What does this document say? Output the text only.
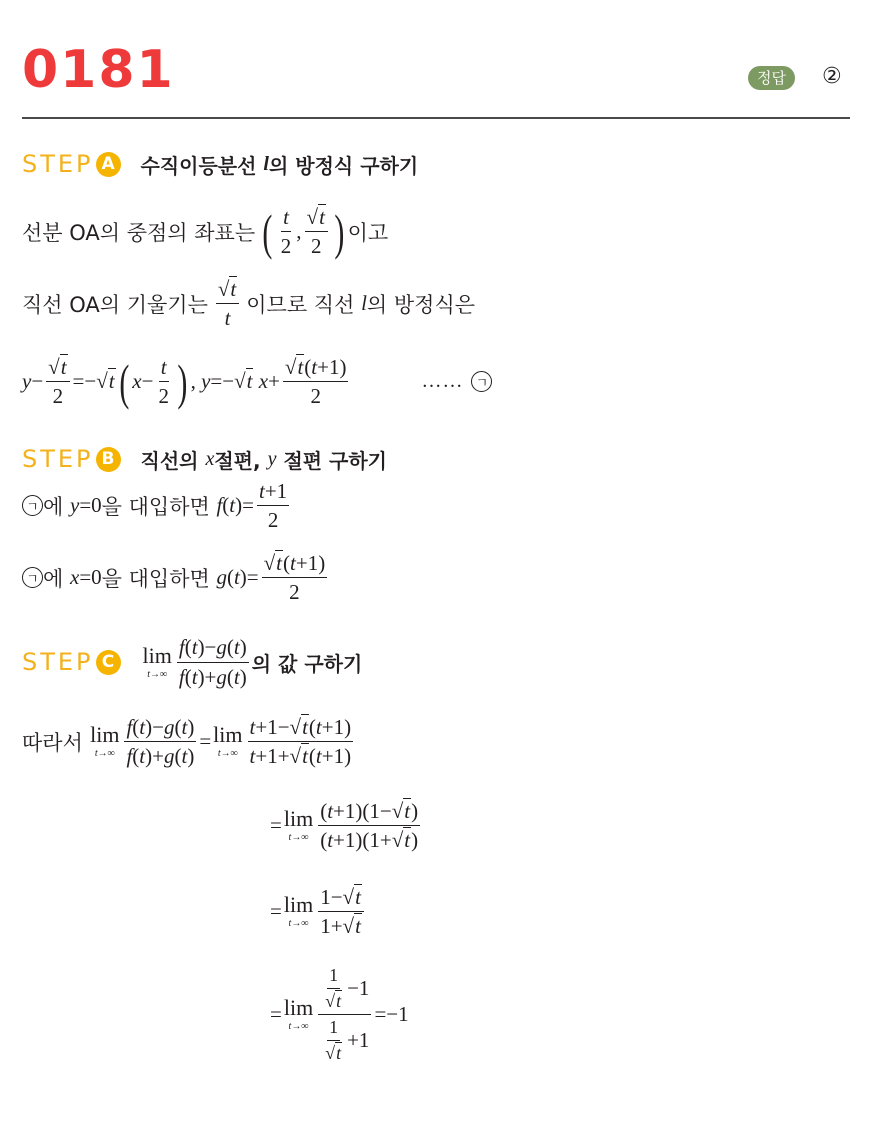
0181	정답	②
STEP A 수직이등분선
l 의 방정식 구하기
선분 OA의 중점의 좌표는 ( $\frac{t}{2}$ , $\frac{√t}{2}$ ) 이고
직선 OA의 기울기는 $\frac{√t}{t}$ 이므로 직선
l 의 방정식은
$y - \frac{√t}{2} =- √t$ ( $x - \frac{t}{2}$ ) ,
y =− √t
$x + \frac{√t(t+1)}{2}$	…… ㄱ
STEP B	직선의
x 절편,
y
절편 구하기
ㄱ 에
y=0 을 대입하면
$f(t)= \frac{t+1}{2}$
ㄱ 에
x=0 을 대입하면
$g(t)= \frac{√t(t+1)}{2}$
STEP C lim
$t\to\infty \frac{f(t)-g(t)}{f(t)+g(t)}$ 의 값 구하기
따라서
lim
$t\to\infty \frac{f(t)-g(t)}{f(t)+g(t)} = \lim$
$t\to\infty \frac{t+1-√t(t+1)}{t+1+√t(t+1)}$
= lim
$t\to\infty \frac{(t+1)(1-√t)}{(t+1)(1+√t)}$
= lim
$t\to\infty \frac{1-√t}{1+√t}$
= lim
$t\to\infty \frac{\frac{1}{√t} -1}{\frac{1}{√t} +1} = -1$
